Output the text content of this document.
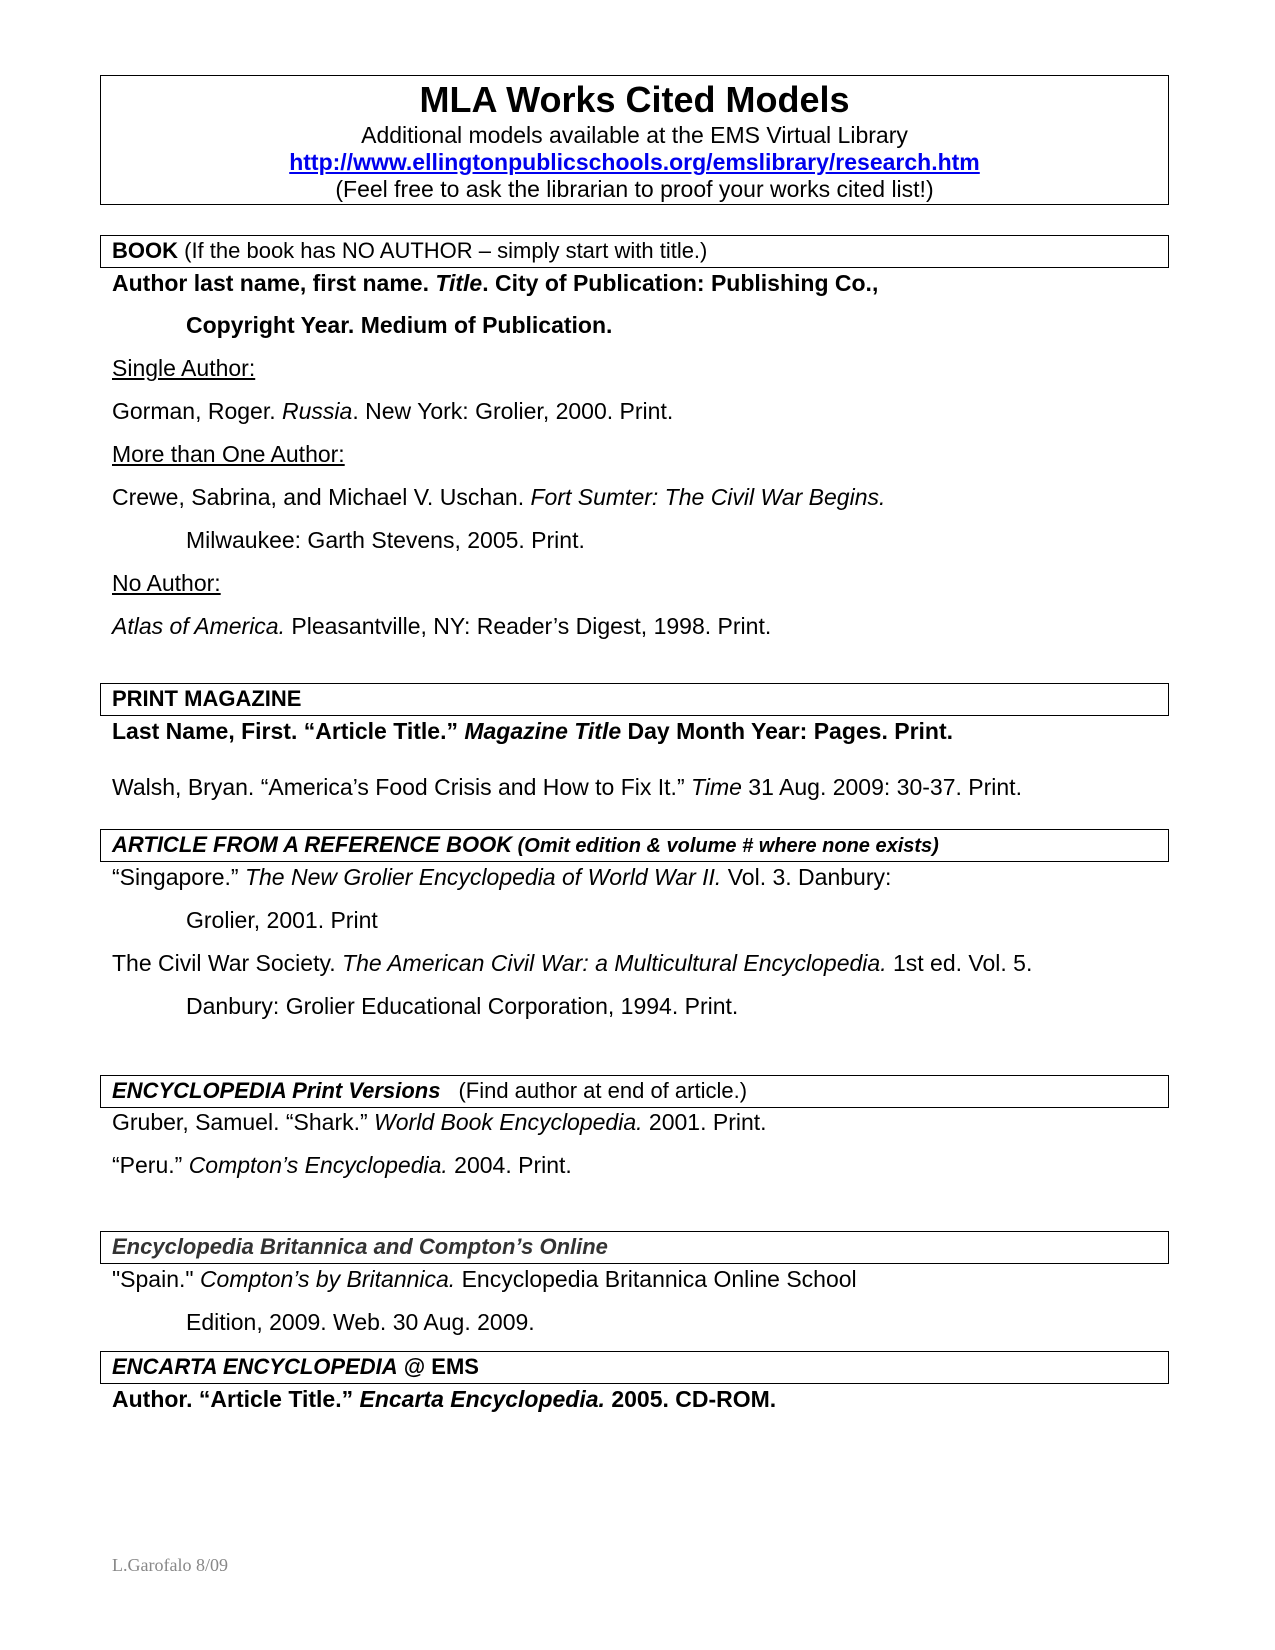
MLA Works Cited Models
Additional models available at the EMS Virtual Library
http://www.ellingtonpublicschools.org/emslibrary/research.htm
(Feel free to ask the librarian to proof your works cited list!)
BOOK (If the book has NO AUTHOR – simply start with title.)
Author last name, first name. Title. City of Publication: Publishing Co.,
Copyright Year. Medium of Publication.
Single Author:
Gorman, Roger. Russia. New York: Grolier, 2000. Print.
More than One Author:
Crewe, Sabrina, and Michael V. Uschan. Fort Sumter: The Civil War Begins.
Milwaukee: Garth Stevens, 2005. Print.
No Author:
Atlas of America. Pleasantville, NY: Reader’s Digest, 1998. Print.
PRINT MAGAZINE
Last Name, First. “Article Title.” Magazine Title Day Month Year: Pages. Print.
Walsh, Bryan. “America’s Food Crisis and How to Fix It.” Time 31 Aug. 2009: 30-37. Print.
ARTICLE FROM A REFERENCE BOOK (Omit edition & volume # where none exists)
“Singapore.” The New Grolier Encyclopedia of World War II. Vol. 3. Danbury:
Grolier, 2001. Print
The Civil War Society. The American Civil War: a Multicultural Encyclopedia. 1st ed. Vol. 5.
Danbury: Grolier Educational Corporation, 1994. Print.
ENCYCLOPEDIA Print Versions (Find author at end of article.)
Gruber, Samuel. “Shark.” World Book Encyclopedia. 2001. Print.
“Peru.” Compton’s Encyclopedia. 2004. Print.
Encyclopedia Britannica and Compton’s Online
"Spain." Compton’s by Britannica. Encyclopedia Britannica Online School
Edition, 2009. Web. 30 Aug. 2009.
ENCARTA ENCYCLOPEDIA @ EMS
Author. “Article Title.” Encarta Encyclopedia. 2005. CD-ROM.
L.Garofalo 8/09
